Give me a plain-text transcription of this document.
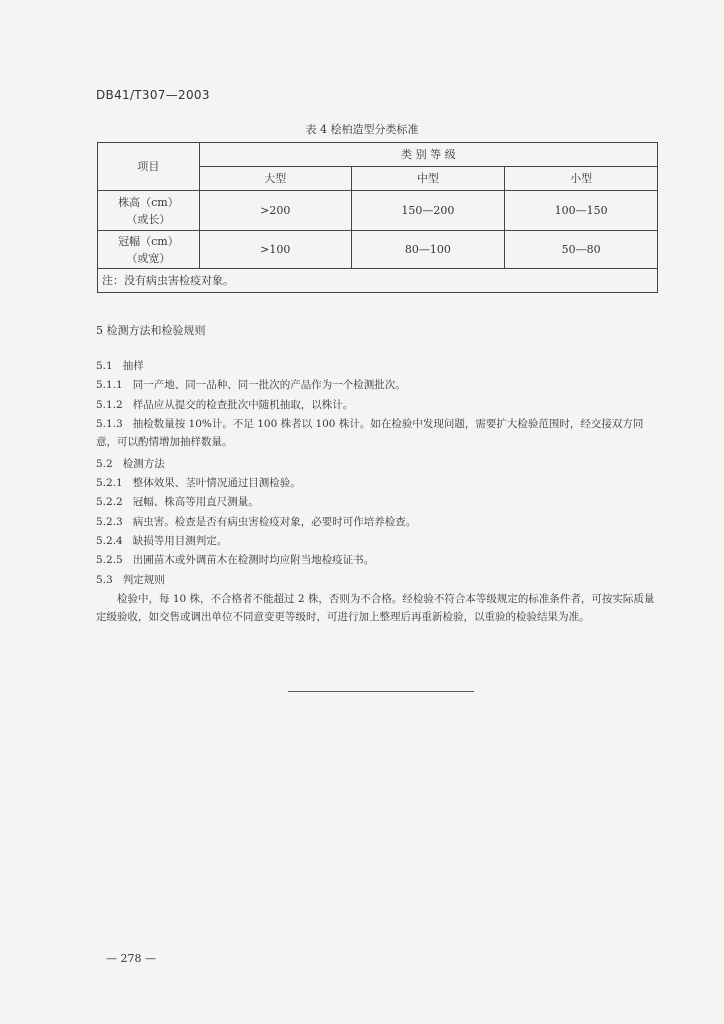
DB41/T307—2003
表 4 桧柏造型分类标准
项目	类 别 等 级		
	大型	中型	小型

株高（cm）
（或长）	>200	150—200	100—150

冠幅（cm）
（或宽）	>100	80—100	50—80
注：没有病虫害检疫对象。			
5 检测方法和检验规则
5.1 抽样
5.1.1 同一产地、同一品种、同一批次的产品作为一个检测批次。
5.1.2 样品应从提交的检查批次中随机抽取，以株计。
5.1.3 抽检数量按 10%计。不足 100 株者以 100 株计。如在检验中发现问题，需要扩大检验范围时，经交接双方同意，可以酌情增加抽样数量。
5.2 检测方法
5.2.1 整体效果、茎叶情况通过目测检验。
5.2.2 冠幅、株高等用直尺测量。
5.2.3 病虫害。检查是否有病虫害检疫对象，必要时可作培养检查。
5.2.4 缺损等用目测判定。
5.2.5 出圃苗木或外调苗木在检测时均应附当地检疫证书。
5.3 判定规则
检验中，每 10 株，不合格者不能超过 2 株，否则为不合格。经检验不符合本等级规定的标准条件者，可按实际质量定级验收，如交售或调出单位不同意变更等级时，可进行加上整理后再重新检验，以重验的检验结果为准。
— 278 —
